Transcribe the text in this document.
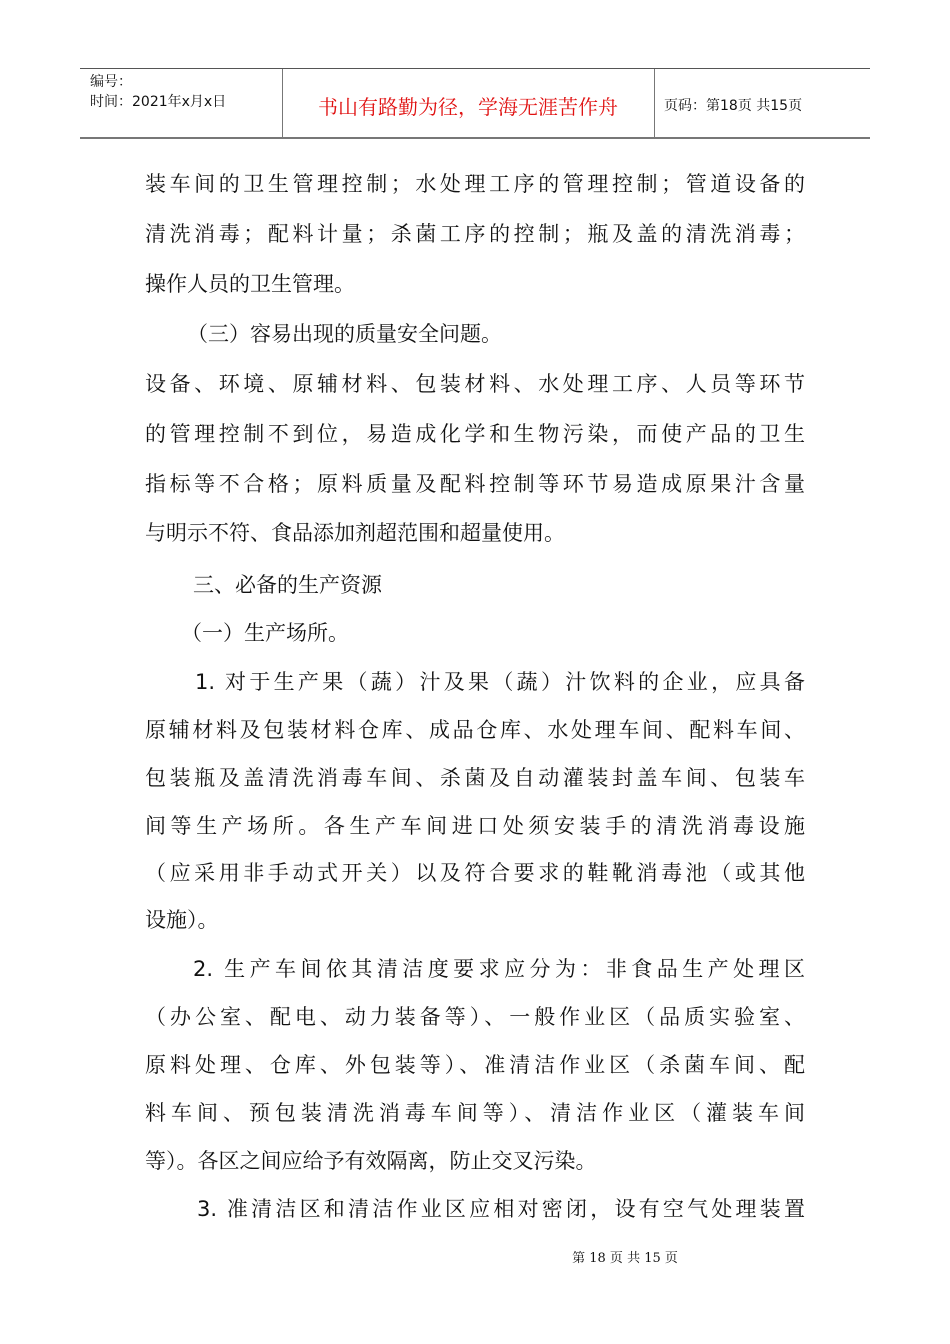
编号：
时间：2021年x月x日	书山有路勤为径，学海无涯苦作舟	页码：第18页 共15页
装车间的卫生管理控制；水处理工序的管理控制；管道设备的
清洗消毒；配料计量；杀菌工序的控制；瓶及盖的清洗消毒；
操作人员的卫生管理。
（三）容易出现的质量安全问题。
设备、环境、原辅材料、包装材料、水处理工序、人员等环节
的管理控制不到位，易造成化学和生物污染，而使产品的卫生
指标等不合格；原料质量及配料控制等环节易造成原果汁含量
与明示不符、食品添加剂超范围和超量使用。
三、必备的生产资源
（一）生产场所。
1. 对于生产果（蔬）汁及果（蔬）汁饮料的企业，应具备
原辅材料及包装材料仓库、成品仓库、水处理车间、配料车间、
包装瓶及盖清洗消毒车间、杀菌及自动灌装封盖车间、包装车
间等生产场所。各生产车间进口处须安装手的清洗消毒设施
（应采用非手动式开关）以及符合要求的鞋靴消毒池（或其他
设施）。
2. 生产车间依其清洁度要求应分为：非食品生产处理区
（办公室、配电、动力装备等）、一般作业区（品质实验室、
原料处理、仓库、外包装等）、准清洁作业区（杀菌车间、配
料车间、预包装清洗消毒车间等）、清洁作业区（灌装车间
等）。各区之间应给予有效隔离，防止交叉污染。
3. 准清洁区和清洁作业区应相对密闭，设有空气处理装置
第 18 页 共 15 页
